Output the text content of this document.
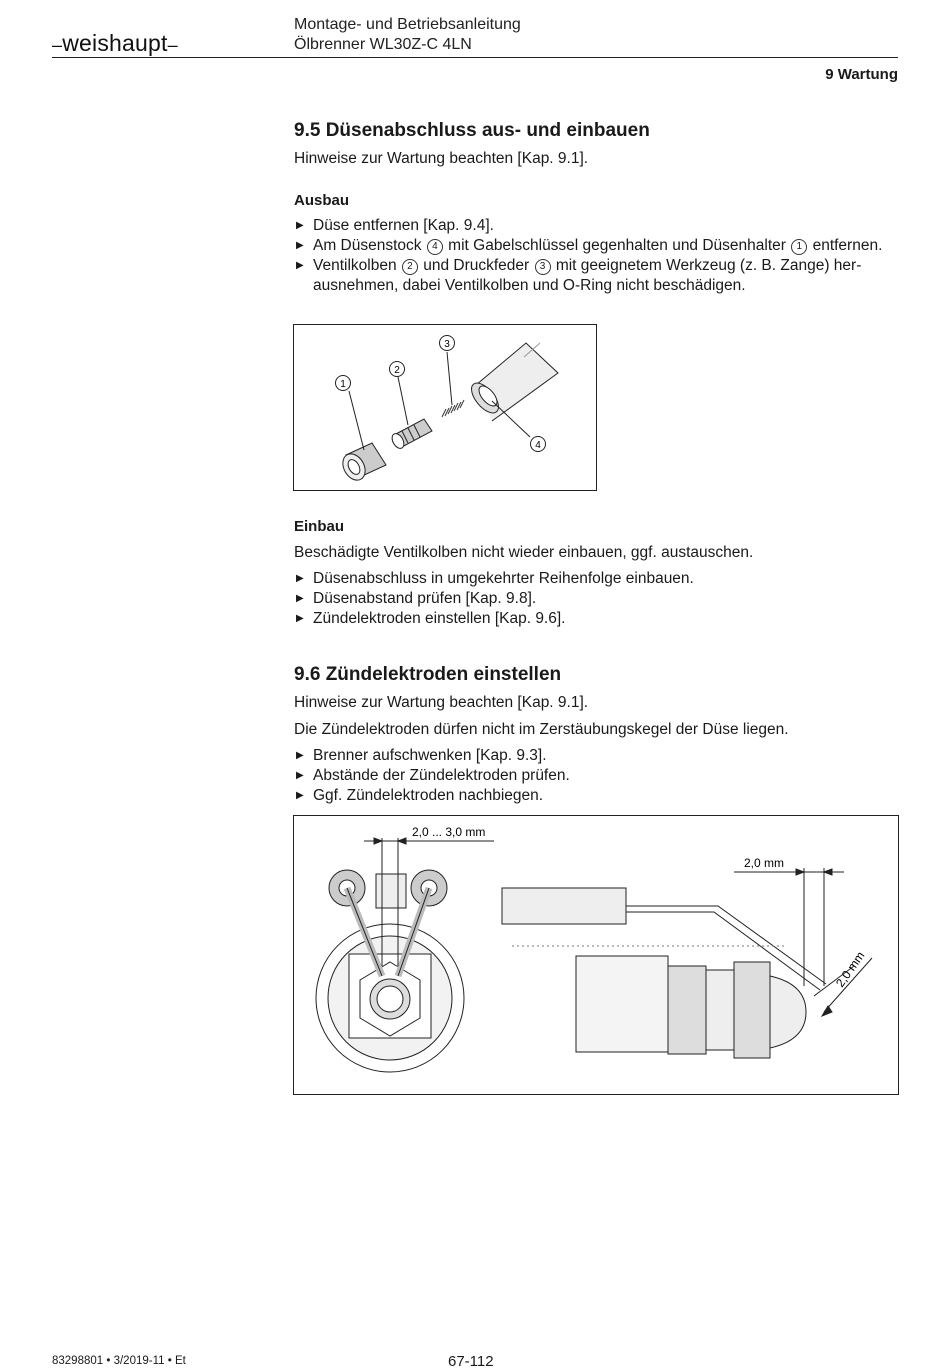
–weishaupt–
Montage- und Betriebsanleitung
Ölbrenner WL30Z-C 4LN
9 Wartung
9.5 Düsenabschluss aus- und einbauen

Hinweise zur Wartung beachten [Kap. 9.1].

Ausbau
▶ Düse entfernen [Kap. 9.4].
▶ Am Düsenstock 4 mit Gabelschlüssel gegenhalten und Düsenhalter 1 entfernen.
▶ Ventilkolben 2 und Druckfeder 3 mit geeignetem Werkzeug (z. B. Zange) herausnehmen, dabei Ventilkolben und O-Ring nicht beschädigen.
1
2
3
4
Einbau

Beschädigte Ventilkolben nicht wieder einbauen, ggf. austauschen.

▶ Düsenabschluss in umgekehrter Reihenfolge einbauen.
▶ Düsenabstand prüfen [Kap. 9.8].
▶ Zündelektroden einstellen [Kap. 9.6].
9.6 Zündelektroden einstellen

Hinweise zur Wartung beachten [Kap. 9.1].

Die Zündelektroden dürfen nicht im Zerstäubungskegel der Düse liegen.

▶ Brenner aufschwenken [Kap. 9.3].
▶ Abstände der Zündelektroden prüfen.
▶ Ggf. Zündelektroden nachbiegen.
2,0 ... 3,0 mm
2,0 mm
2,0 mm
83298801 • 3/2019-11 • Et	67-112
